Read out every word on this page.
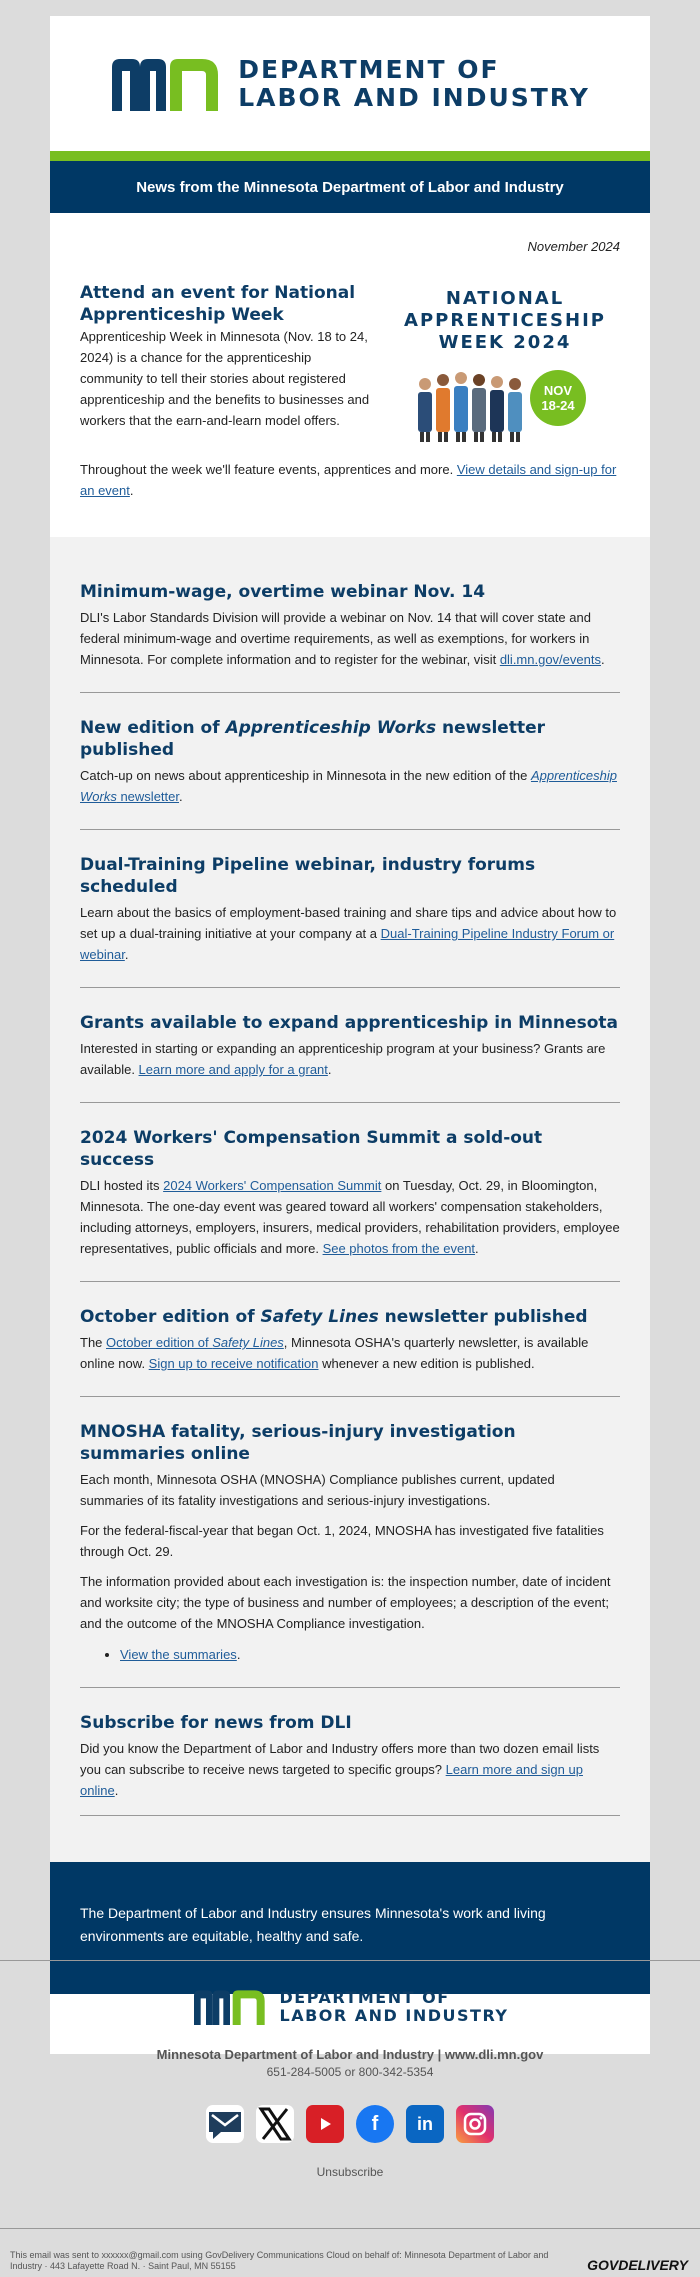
DEPARTMENT OF
LABOR AND INDUSTRY
News from the Minnesota Department of Labor and Industry
November 2024
Attend an event for National Apprenticeship Week

Apprenticeship Week in Minnesota (Nov. 18 to 24, 2024) is a chance for the apprenticeship community to tell their stories about registered apprenticeship and the benefits to businesses and workers that the earn-and-learn model offers.

NATIONAL
APPRENTICESHIP
WEEK 2024
NOV
18-24

Throughout the week we'll feature events, apprentices and more. View details and sign-up for an event.

Minimum-wage, overtime webinar Nov. 14

DLI's Labor Standards Division will provide a webinar on Nov. 14 that will cover state and federal minimum-wage and overtime requirements, as well as exemptions, for workers in Minnesota. For complete information and to register for the webinar, visit dli.mn.gov/events.

New edition of Apprenticeship Works newsletter published

Catch-up on news about apprenticeship in Minnesota in the new edition of the Apprenticeship Works newsletter.

Dual-Training Pipeline webinar, industry forums scheduled

Learn about the basics of employment-based training and share tips and advice about how to set up a dual-training initiative at your company at a Dual-Training Pipeline Industry Forum or webinar.

Grants available to expand apprenticeship in Minnesota

Interested in starting or expanding an apprenticeship program at your business? Grants are available. Learn more and apply for a grant.

2024 Workers' Compensation Summit a sold-out success

DLI hosted its 2024 Workers' Compensation Summit on Tuesday, Oct. 29, in Bloomington, Minnesota. The one-day event was geared toward all workers' compensation stakeholders, including attorneys, employers, insurers, medical providers, rehabilitation providers, employee representatives, public officials and more. See photos from the event.

October edition of Safety Lines newsletter published

The October edition of Safety Lines, Minnesota OSHA's quarterly newsletter, is available online now. Sign up to receive notification whenever a new edition is published.

MNOSHA fatality, serious-injury investigation summaries online

Each month, Minnesota OSHA (MNOSHA) Compliance publishes current, updated summaries of its fatality investigations and serious-injury investigations.

For the federal-fiscal-year that began Oct. 1, 2024, MNOSHA has investigated five fatalities through Oct. 29.

The information provided about each investigation is: the inspection number, date of incident and worksite city; the type of business and number of employees; a description of the event; and the outcome of the MNOSHA Compliance investigation.

• View the summaries.
Subscribe for news from DLI

Did you know the Department of Labor and Industry offers more than two dozen email lists you can subscribe to receive news targeted to specific groups? Learn more and sign up online.

The Department of Labor and Industry ensures Minnesota's work and living environments are equitable, healthy and safe.
DEPARTMENT OF
LABOR AND INDUSTRY
Minnesota Department of Labor and Industry | www.dli.mn.gov
651-284-5005 or 800-342-5354
f	in
Unsubscribe
This email was sent to xxxxxx@gmail.com using GovDelivery Communications Cloud on behalf of: Minnesota Department of Labor and Industry · 443 Lafayette Road N. · Saint Paul, MN 55155	GOVDELIVERY
